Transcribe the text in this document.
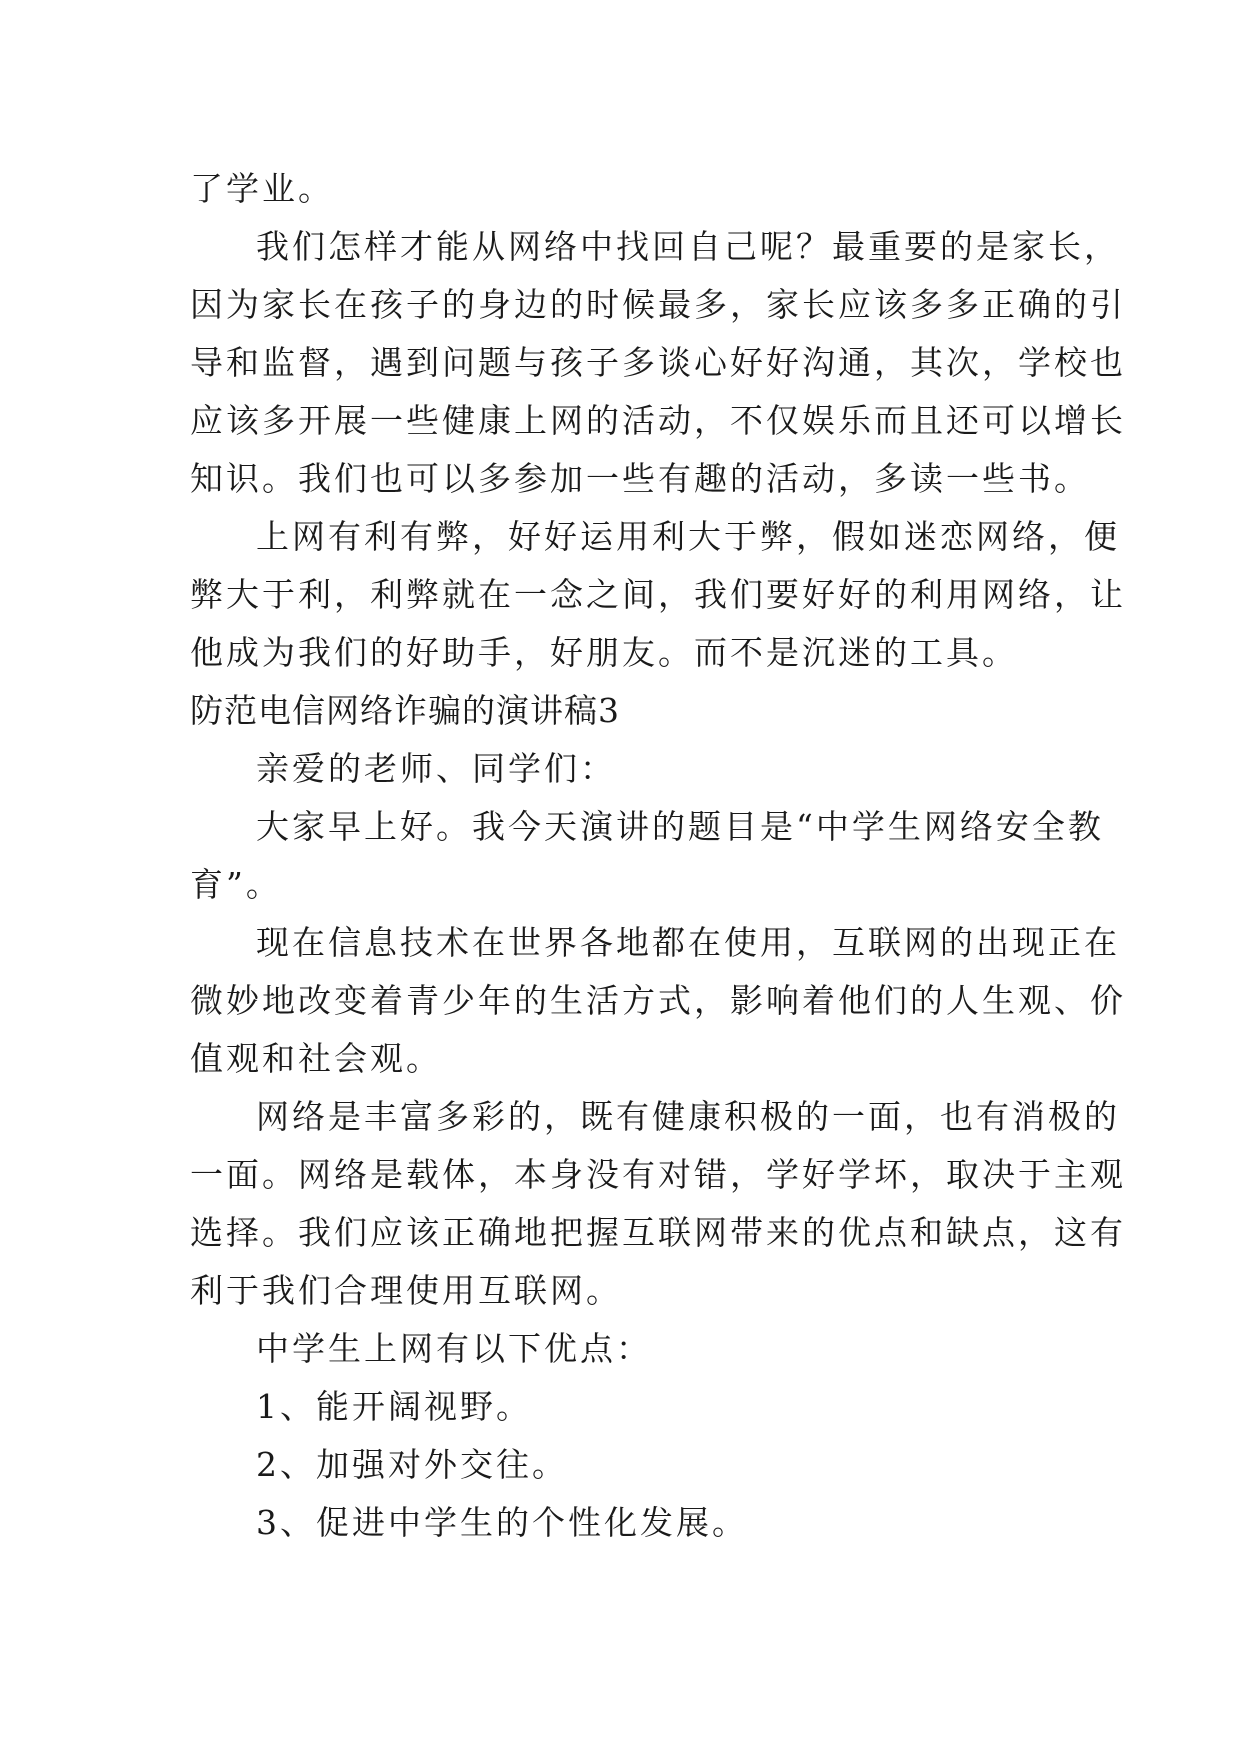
了学业。
我们怎样才能从网络中找回自己呢？最重要的是家长，
因为家长在孩子的身边的时候最多，家长应该多多正确的引
导和监督，遇到问题与孩子多谈心好好沟通，其次，学校也
应该多开展一些健康上网的活动，不仅娱乐而且还可以增长
知识。我们也可以多参加一些有趣的活动，多读一些书。
上网有利有弊，好好运用利大于弊，假如迷恋网络，便
弊大于利，利弊就在一念之间，我们要好好的利用网络，让
他成为我们的好助手，好朋友。而不是沉迷的工具。
防范电信网络诈骗的演讲稿3
亲爱的老师、同学们：
大家早上好。我今天演讲的题目是“中学生网络安全教
育”。
现在信息技术在世界各地都在使用，互联网的出现正在
微妙地改变着青少年的生活方式，影响着他们的人生观、价
值观和社会观。
网络是丰富多彩的，既有健康积极的一面，也有消极的
一面。网络是载体，本身没有对错，学好学坏，取决于主观
选择。我们应该正确地把握互联网带来的优点和缺点，这有
利于我们合理使用互联网。
中学生上网有以下优点：
1、能开阔视野。
2、加强对外交往。
3、促进中学生的个性化发展。
